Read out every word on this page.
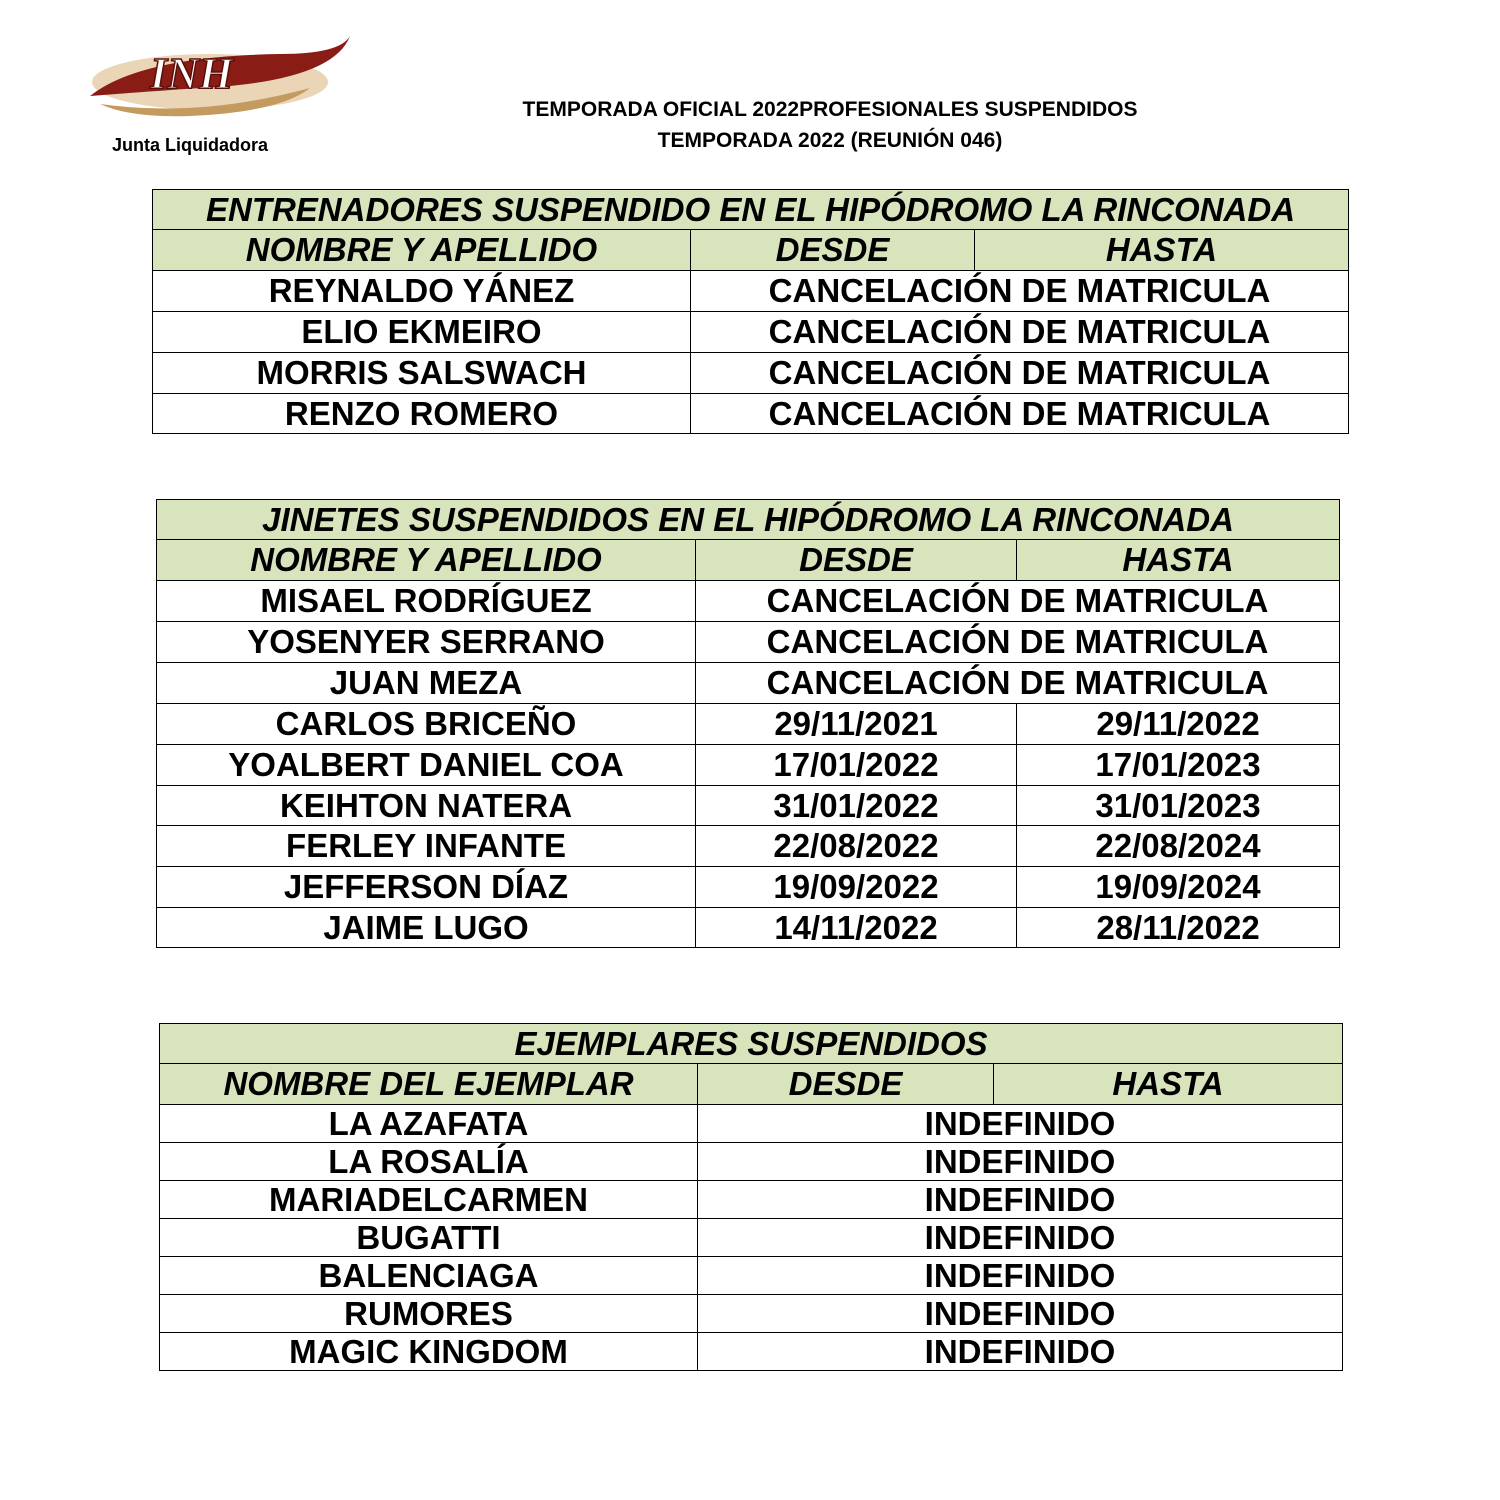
INH
Junta Liquidadora
TEMPORADA OFICIAL 2022PROFESIONALES SUSPENDIDOS
TEMPORADA 2022 (REUNIÓN 046)
ENTRENADORES SUSPENDIDO EN EL HIPÓDROMO LA RINCONADA		
NOMBRE Y APELLIDO	DESDE	HASTA
REYNALDO YÁNEZ	CANCELACIÓN DE MATRICULA	
ELIO EKMEIRO	CANCELACIÓN DE MATRICULA	
MORRIS SALSWACH	CANCELACIÓN DE MATRICULA	
RENZO ROMERO	CANCELACIÓN DE MATRICULA	
JINETES SUSPENDIDOS EN EL HIPÓDROMO LA RINCONADA		
NOMBRE Y APELLIDO	DESDE	HASTA
MISAEL RODRÍGUEZ	CANCELACIÓN DE MATRICULA	
YOSENYER SERRANO	CANCELACIÓN DE MATRICULA	
JUAN MEZA	CANCELACIÓN DE MATRICULA	
CARLOS BRICEÑO	29/11/2021	29/11/2022
YOALBERT DANIEL COA	17/01/2022	17/01/2023
KEIHTON NATERA	31/01/2022	31/01/2023
FERLEY INFANTE	22/08/2022	22/08/2024
JEFFERSON DÍAZ	19/09/2022	19/09/2024
JAIME LUGO	14/11/2022	28/11/2022
EJEMPLARES SUSPENDIDOS		
NOMBRE DEL EJEMPLAR	DESDE	HASTA
LA AZAFATA	INDEFINIDO	
LA ROSALÍA	INDEFINIDO	
MARIADELCARMEN	INDEFINIDO	
BUGATTI	INDEFINIDO	
BALENCIAGA	INDEFINIDO	
RUMORES	INDEFINIDO	
MAGIC KINGDOM	INDEFINIDO	
